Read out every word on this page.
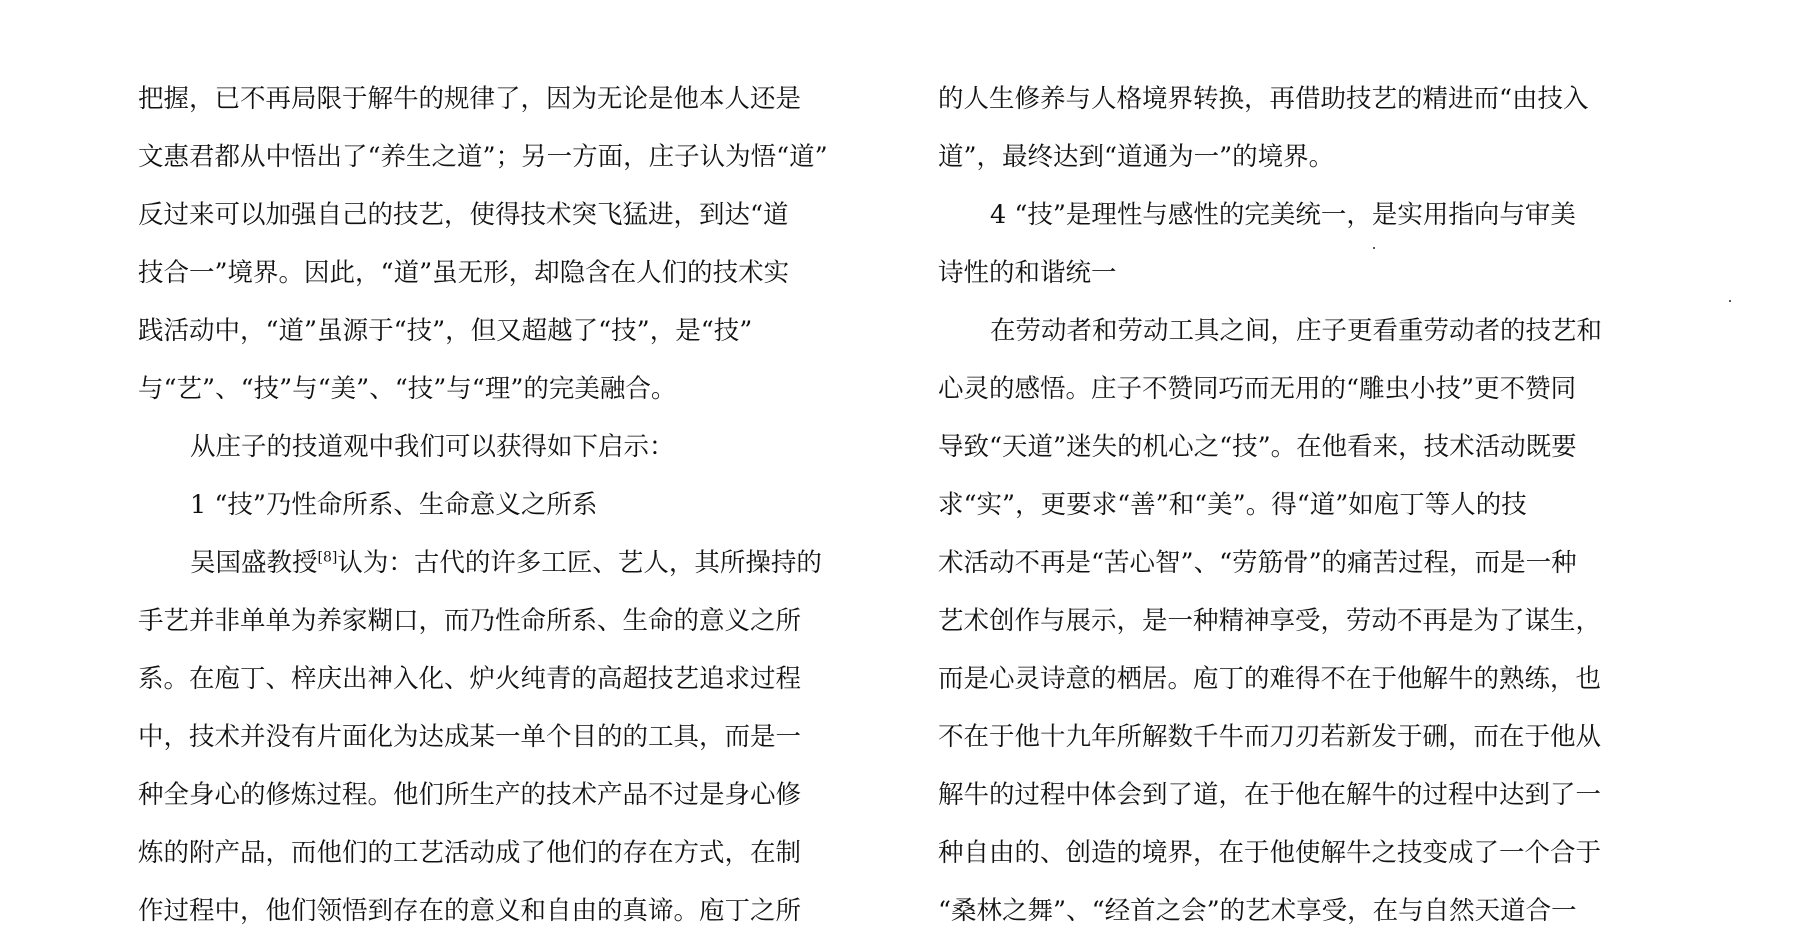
把握，已不再局限于解牛的规律了，因为无论是他本人还是
文惠君都从中悟出了“养生之道”；另一方面，庄子认为悟“道”
反过来可以加强自己的技艺，使得技术突飞猛进，到达“道
技合一”境界。因此，“道”虽无形，却隐含在人们的技术实
践活动中，“道”虽源于“技”，但又超越了“技”，是“技”
与“艺”、“技”与“美”、“技”与“理”的完美融合。
从庄子的技道观中我们可以获得如下启示：
1 “技”乃性命所系、生命意义之所系
吴国盛教授[8]认为：古代的许多工匠、艺人，其所操持的
手艺并非单单为养家糊口，而乃性命所系、生命的意义之所
系。在庖丁、梓庆出神入化、炉火纯青的高超技艺追求过程
中，技术并没有片面化为达成某一单个目的的工具，而是一
种全身心的修炼过程。他们所生产的技术产品不过是身心修
炼的附产品，而他们的工艺活动成了他们的存在方式，在制
作过程中，他们领悟到存在的意义和自由的真谛。庖丁之所
的人生修养与人格境界转换，再借助技艺的精进而“由技入
道”，最终达到“道通为一”的境界。
4 “技”是理性与感性的完美统一，是实用指向与审美
诗性的和谐统一
在劳动者和劳动工具之间，庄子更看重劳动者的技艺和
心灵的感悟。庄子不赞同巧而无用的“雕虫小技”更不赞同
导致“天道”迷失的机心之“技”。在他看来，技术活动既要
求“实”，更要求“善”和“美”。得“道”如庖丁等人的技
术活动不再是“苦心智”、“劳筋骨”的痛苦过程，而是一种
艺术创作与展示，是一种精神享受，劳动不再是为了谋生，
而是心灵诗意的栖居。庖丁的难得不在于他解牛的熟练，也
不在于他十九年所解数千牛而刀刃若新发于硎，而在于他从
解牛的过程中体会到了道，在于他在解牛的过程中达到了一
种自由的、创造的境界，在于他使解牛之技变成了一个合于
“桑林之舞”、“经首之会”的艺术享受，在与自然天道合一
